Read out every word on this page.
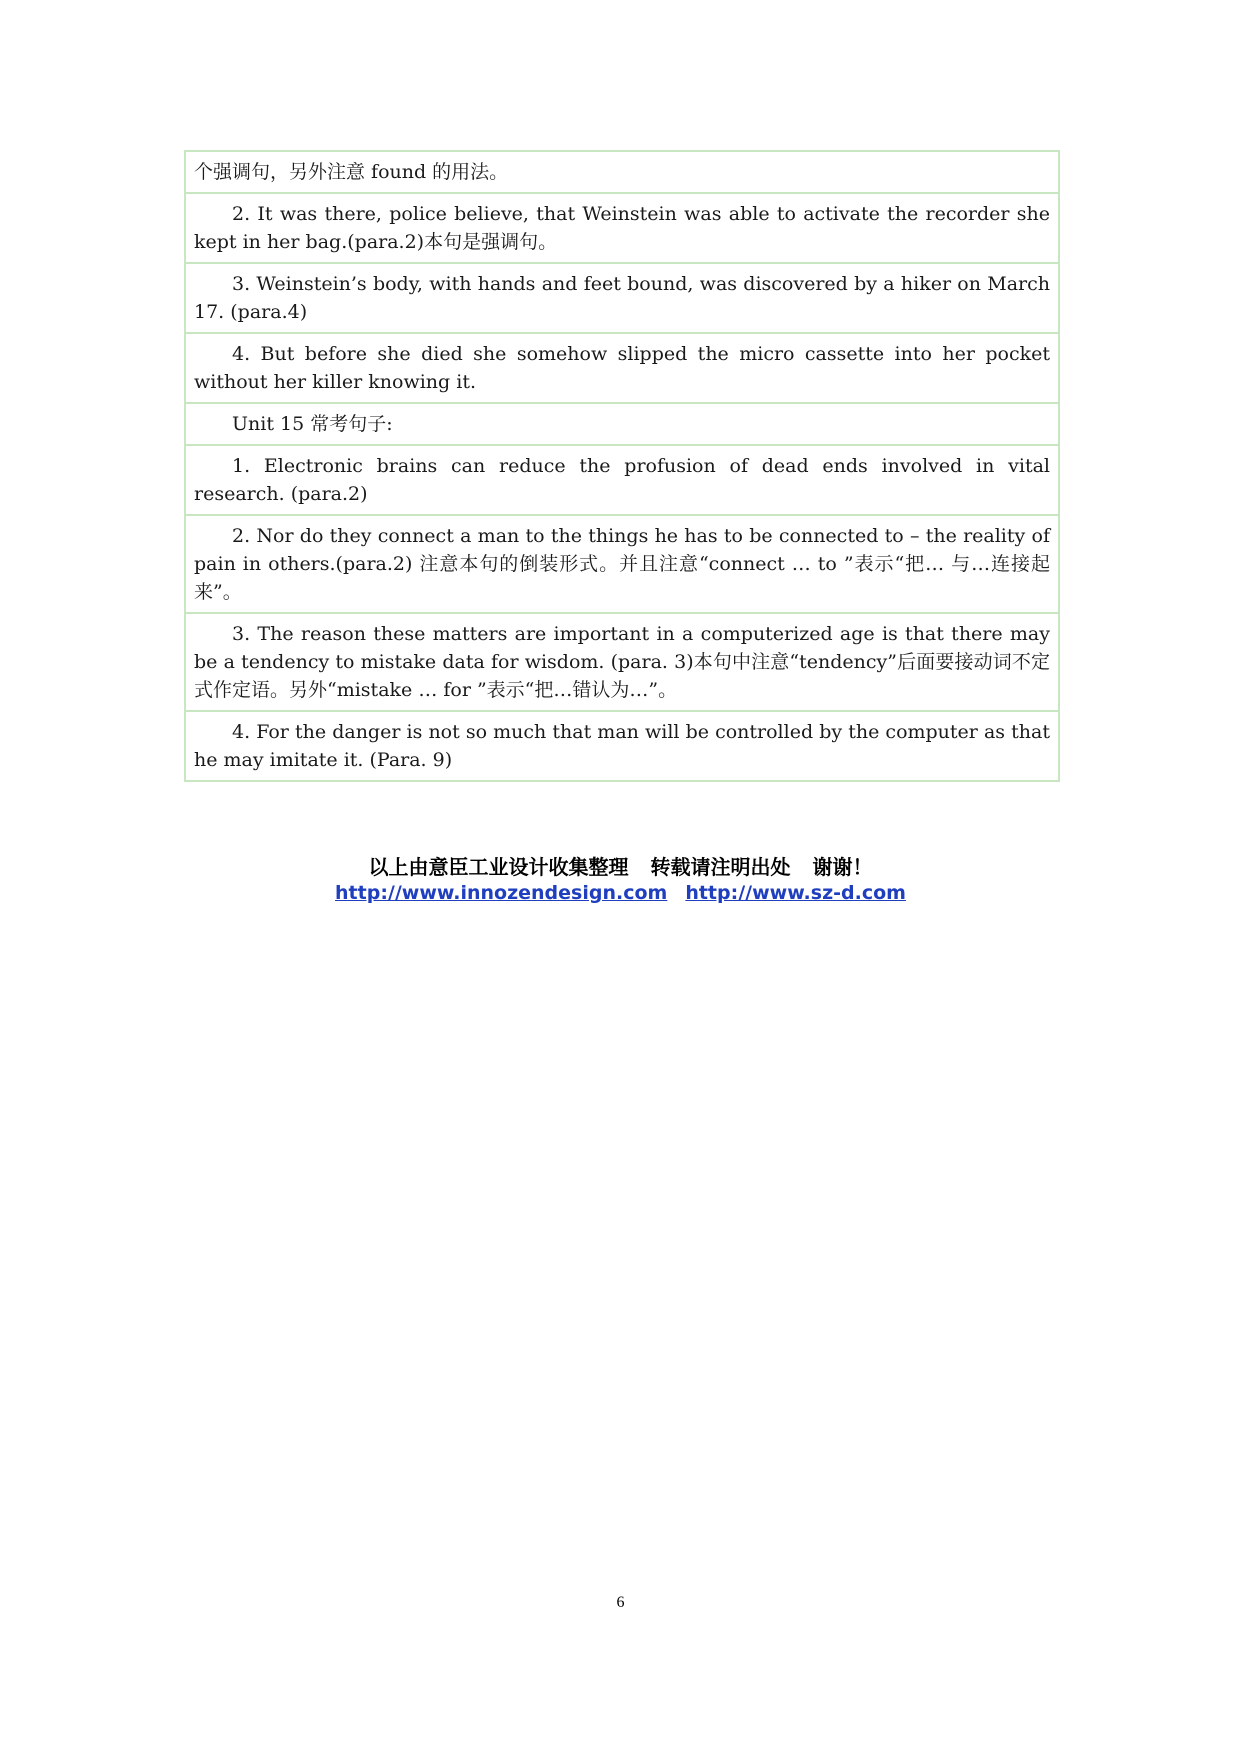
个强调句，另外注意 found 的用法。
2. It was there, police believe, that Weinstein was able to activate the recorder she kept in her bag.(para.2)本句是强调句。
3. Weinstein’s body, with hands and feet bound, was discovered by a hiker on March 17. (para.4)
4. But before she died she somehow slipped the micro cassette into her pocket without her killer knowing it.
Unit 15 常考句子:
1. Electronic brains can reduce the profusion of dead ends involved in vital research. (para.2)
2. Nor do they connect a man to the things he has to be connected to – the reality of pain in others.(para.2) 注意本句的倒装形式。并且注意“connect … to ”表示“把… 与…连接起来”。
3. The reason these matters are important in a computerized age is that there may be a tendency to mistake data for wisdom. (para. 3)本句中注意“tendency”后面要接动词不定式作定语。另外“mistake … for ”表示“把…错认为…”。
4. For the danger is not so much that man will be controlled by the computer as that he may imitate it. (Para. 9)
以上由意臣工业设计收集整理 转载请注明出处 谢谢！
http://www.innozendesign.com http://www.sz-d.com
6
